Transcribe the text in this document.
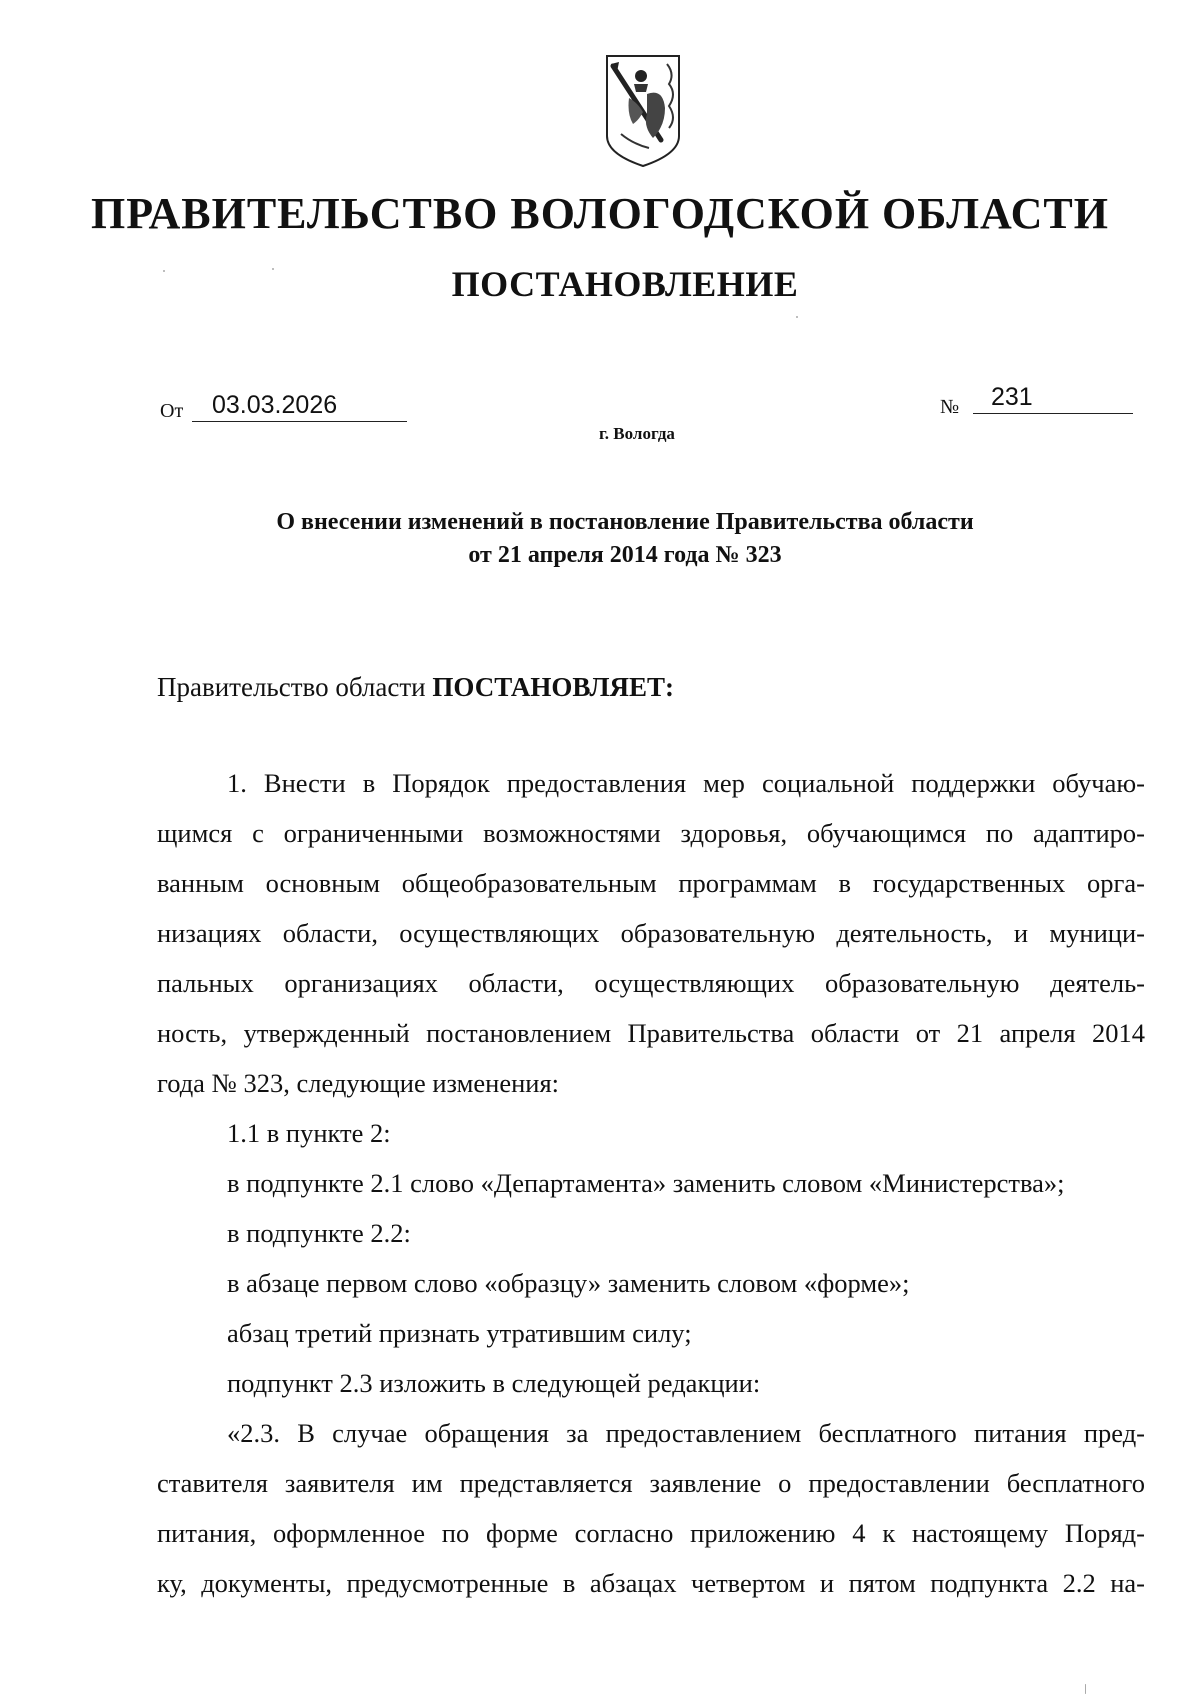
ПРАВИТЕЛЬСТВО ВОЛОГОДСКОЙ ОБЛАСТИ
ПОСТАНОВЛЕНИЕ
От	03.03.2026	№	231
г. Вологда
О внесении изменений в постановление Правительства области
от 21 апреля 2014 года № 323
Правительство области ПОСТАНОВЛЯЕТ:
1. Внести в Порядок предоставления мер социальной поддержки обучаю-
щимся с ограниченными возможностями здоровья, обучающимся по адаптиро-
ванным основным общеобразовательным программам в государственных орга-
низациях области, осуществляющих образовательную деятельность, и муници-
пальных организациях области, осуществляющих образовательную деятель-
ность, утвержденный постановлением Правительства области от 21 апреля 2014
года № 323, следующие изменения:
1.1 в пункте 2:
в подпункте 2.1 слово «Департамента» заменить словом «Министерства»;
в подпункте 2.2:
в абзаце первом слово «образцу» заменить словом «форме»;
абзац третий признать утратившим силу;
подпункт 2.3 изложить в следующей редакции:
«2.3. В случае обращения за предоставлением бесплатного питания пред-
ставителя заявителя им представляется заявление о предоставлении бесплатного
питания, оформленное по форме согласно приложению 4 к настоящему Поряд-
ку, документы, предусмотренные в абзацах четвертом и пятом подпункта 2.2 на-
